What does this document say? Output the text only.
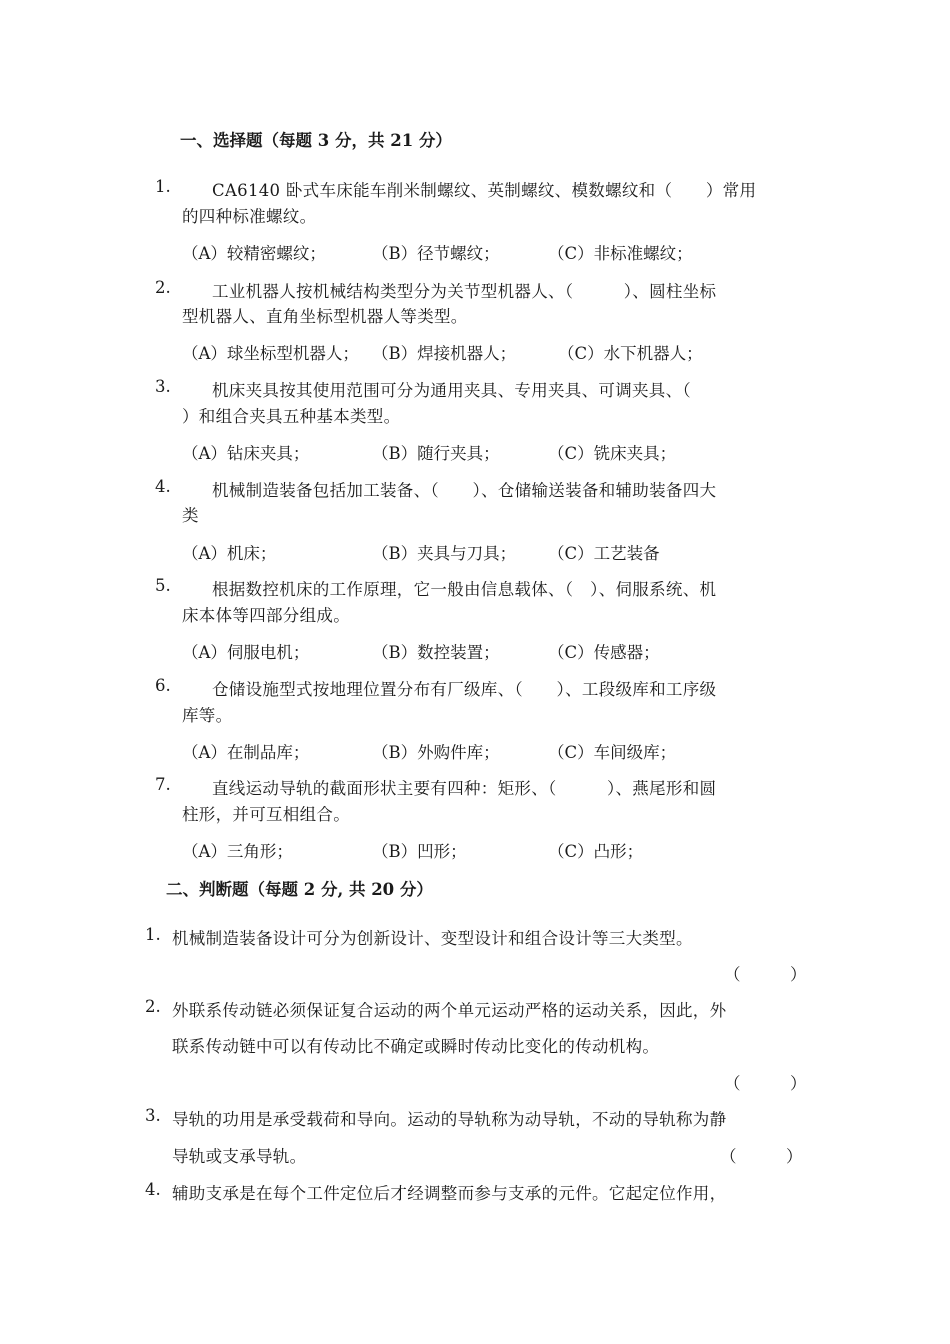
一、选择题（每题 3 分，共 21 分）
1.	CA6140 卧式车床能车削米制螺纹、英制螺纹、模数螺纹和（　　）常用
的四种标准螺纹。
（A）较精密螺纹；	（B）径节螺纹；	（C）非标准螺纹；
2.	工业机器人按机械结构类型分为关节型机器人、（　　　）、圆柱坐标
型机器人、直角坐标型机器人等类型。
（A）球坐标型机器人； （B）焊接机器人；	（C）水下机器人；
3.	机床夹具按其使用范围可分为通用夹具、专用夹具、可调夹具、（
）和组合夹具五种基本类型。
（A）钻床夹具；	（B）随行夹具；	（C）铣床夹具；
4.	机械制造装备包括加工装备、（　　）、仓储输送装备和辅助装备四大
类
（A）机床；	（B）夹具与刀具； （C）工艺装备
5.	根据数控机床的工作原理，它一般由信息载体、（　）、伺服系统、机
床本体等四部分组成。
（A）伺服电机；	（B）数控装置；	（C）传感器；
6.	仓储设施型式按地理位置分布有厂级库、（　　）、工段级库和工序级
库等。
（A）在制品库；	（B）外购件库；	（C）车间级库；
7.	直线运动导轨的截面形状主要有四种：矩形、（　　　）、燕尾形和圆
柱形，并可互相组合。
（A）三角形；	（B）凹形；	（C）凸形；
二、判断题（每题 2 分, 共 20 分）
1. 机械制造装备设计可分为创新设计、变型设计和组合设计等三大类型。
（　　　）
2. 外联系传动链必须保证复合运动的两个单元运动严格的运动关系，因此，外
联系传动链中可以有传动比不确定或瞬时传动比变化的传动机构。
（　　　）
3. 导轨的功用是承受载荷和导向。运动的导轨称为动导轨，不动的导轨称为静
导轨或支承导轨。	（　　　）
4. 辅助支承是在每个工件定位后才经调整而参与支承的元件。它起定位作用，
